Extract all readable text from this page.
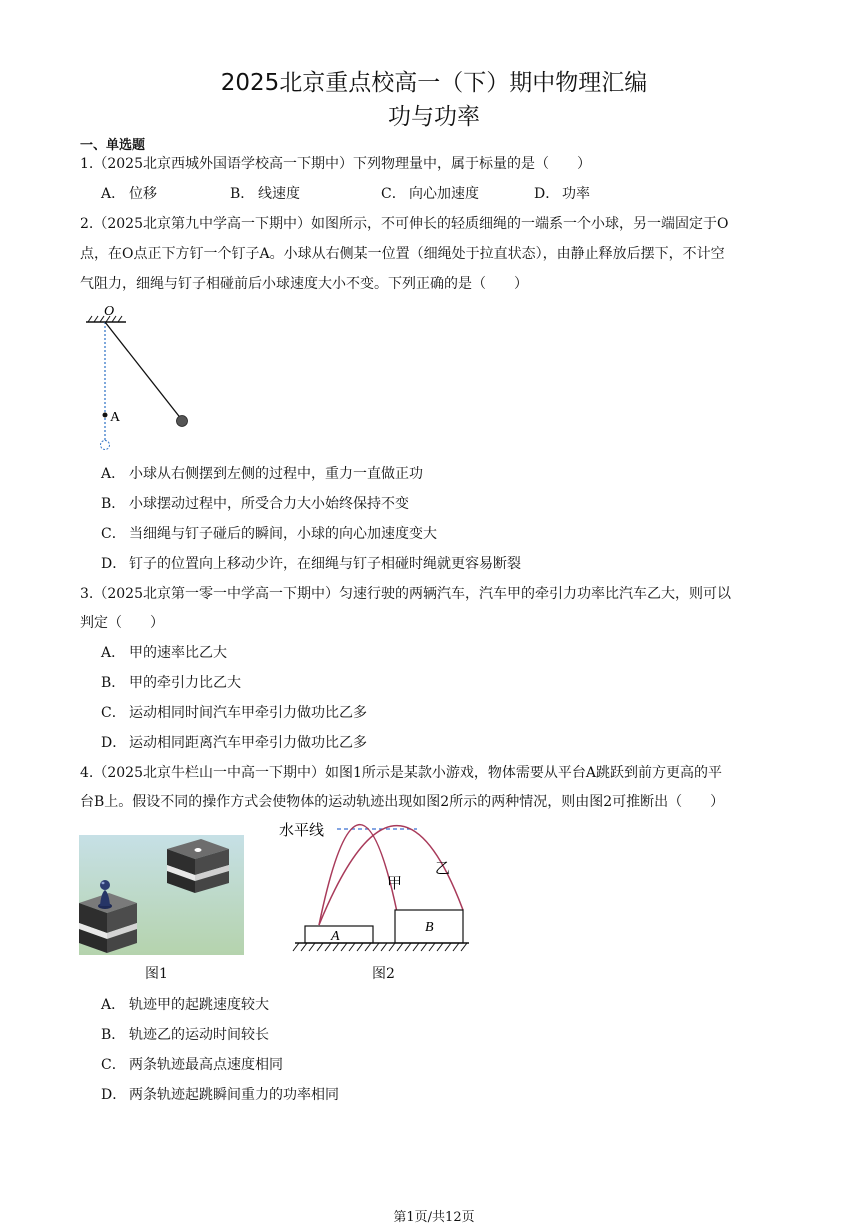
2025北京重点校高一（下）期中物理汇编
功与功率
一、单选题
1.（2025北京西城外国语学校高一下期中）下列物理量中，属于标量的是（　　）
A． 位移	B． 线速度	C． 向心加速度	D． 功率
2.（2025北京第九中学高一下期中）如图所示，不可伸长的轻质细绳的一端系一个小球，另一端固定于O
点，在O点正下方钉一个钉子A。小球从右侧某一位置（细绳处于拉直状态），由静止释放后摆下，不计空
气阻力，细绳与钉子相碰前后小球速度大小不变。下列正确的是（　　）
O
A
A． 小球从右侧摆到左侧的过程中，重力一直做正功
B． 小球摆动过程中，所受合力大小始终保持不变
C． 当细绳与钉子碰后的瞬间，小球的向心加速度变大
D． 钉子的位置向上移动少许，在细绳与钉子相碰时绳就更容易断裂
3.（2025北京第一零一中学高一下期中）匀速行驶的两辆汽车，汽车甲的牵引力功率比汽车乙大，则可以
判定（　　）
A． 甲的速率比乙大
B． 甲的牵引力比乙大
C． 运动相同时间汽车甲牵引力做功比乙多
D． 运动相同距离汽车甲牵引力做功比乙多
4.（2025北京牛栏山一中高一下期中）如图1所示是某款小游戏，物体需要从平台A跳跃到前方更高的平
台B上。假设不同的操作方式会使物体的运动轨迹出现如图2所示的两种情况，则由图2可推断出（　　）
图1
水平线
甲
乙
A
B
图2
A． 轨迹甲的起跳速度较大
B． 轨迹乙的运动时间较长
C． 两条轨迹最高点速度相同
D． 两条轨迹起跳瞬间重力的功率相同
第1页/共12页
